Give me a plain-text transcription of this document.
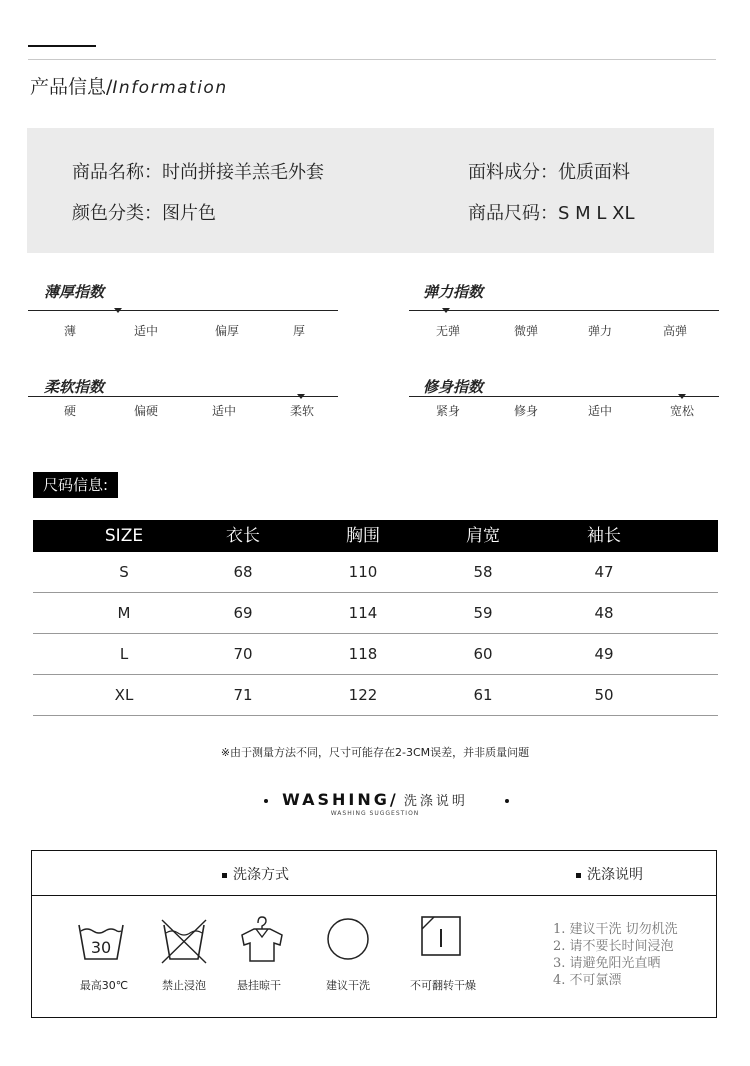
产品信息/Information
商品名称：时尚拼接羊羔毛外套	面料成分：优质面料
颜色分类：图片色	商品尺码：S M L XL
薄厚指数
薄	适中	偏厚	厚
弹力指数
无弹	微弹	弹力	高弹
柔软指数
硬	偏硬	适中	柔软
修身指数
紧身	修身	适中	宽松
尺码信息:
SIZE	衣长	胸围	肩宽	袖长
S	68	110	58	47
M	69	114	59	48
L	70	118	60	49
XL	71	122	61	50
※由于测量方法不同，尺寸可能存在2-3CM误差，并非质量问题
WASHING/ 洗涤说明
WASHING SUGGESTION
洗涤方式	洗涤说明
30
最高30℃	禁止浸泡	悬挂晾干	建议干洗	不可翻转干燥
1. 建议干洗 切勿机洗
2. 请不要长时间浸泡
3. 请避免阳光直晒
4. 不可氯漂
